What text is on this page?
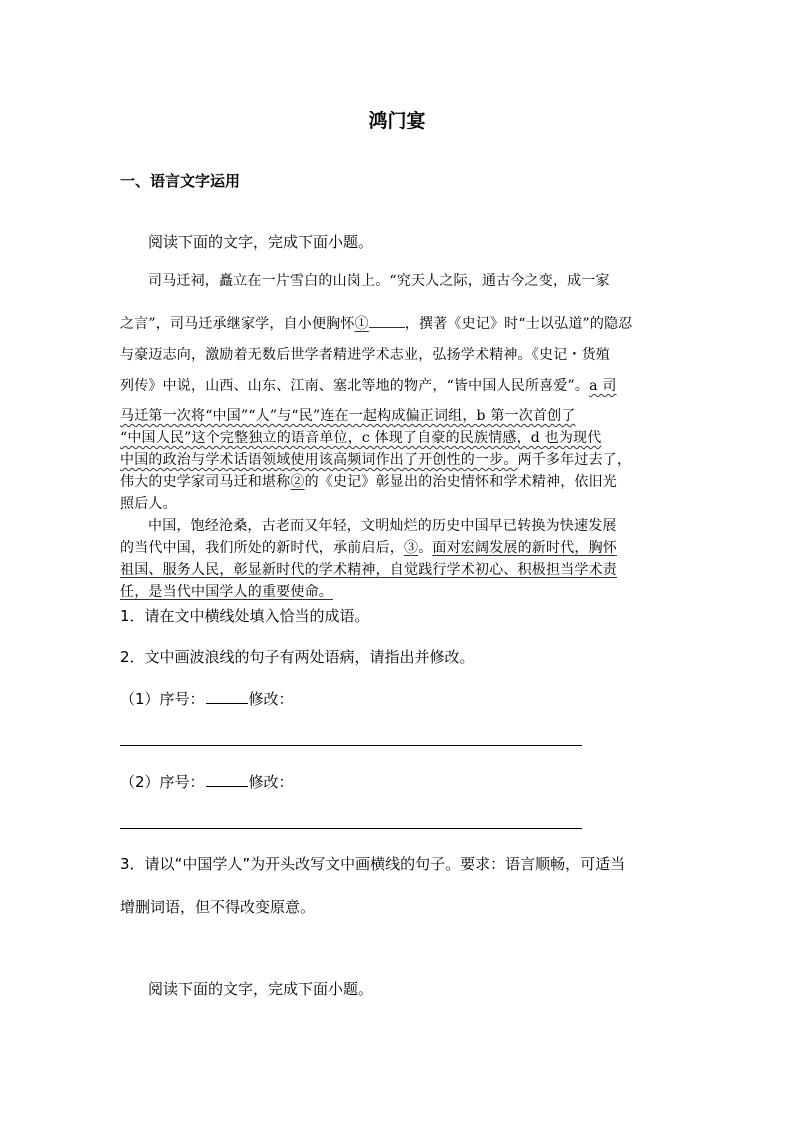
鸿门宴
一、语言文字运用
阅读下面的文字，完成下面小题。
司马迁祠，矗立在一片雪白的山岗上。“究天人之际，通古今之变，成一家
之言”，司马迁承继家学，自小便胸怀①	，撰著《史记》时“士以弘道”的隐忍
与豪迈志向，激励着无数后世学者精进学术志业，弘扬学术精神。《史记・货殖
列传》中说，山西、山东、江南、塞北等地的物产，“皆中国人民所喜爱”。a 司
马迁第一次将“中国”“人”与“民”连在一起构成偏正词组，b 第一次首创了
“中国人民”这个完整独立的语音单位，c 体现了自豪的民族情感，d 也为现代
中国的政治与学术话语领域使用该高频词作出了开创性的一步。两千多年过去了，
伟大的史学家司马迁和堪称②的《史记》彰显出的治史情怀和学术精神，依旧光
照后人。
中国，饱经沧桑，古老而又年轻，文明灿烂的历史中国早已转换为快速发展
的当代中国，我们所处的新时代，承前启后，③。面对宏阔发展的新时代，胸怀
祖国、服务人民，彰显新时代的学术精神，自觉践行学术初心、积极担当学术责
任，是当代中国学人的重要使命。
1．请在文中横线处填入恰当的成语。
2．文中画波浪线的句子有两处语病，请指出并修改。
（1）序号：	修改：
（2）序号：	修改：
3．请以“中国学人”为开头改写文中画横线的句子。要求：语言顺畅，可适当
增删词语，但不得改变原意。
阅读下面的文字，完成下面小题。
